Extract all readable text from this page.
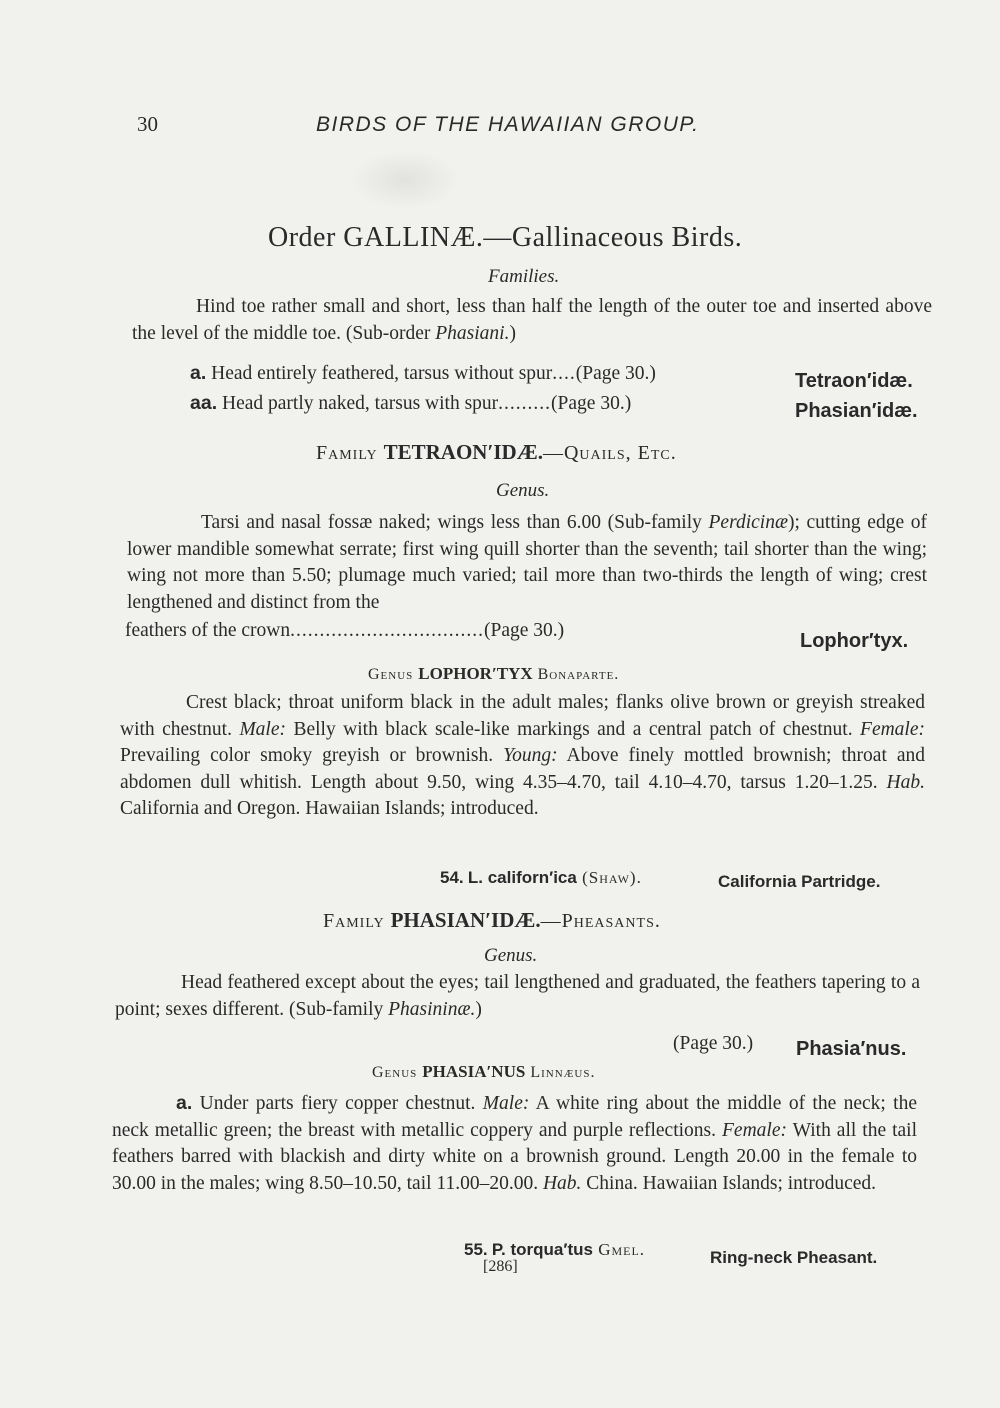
30	BIRDS OF THE HAWAIIAN GROUP.
Order GALLINÆ.—Gallinaceous Birds.
Families.
Hind toe rather small and short, less than half the length of the outer toe and inserted above the level of the middle toe. (Sub-order Phasiani.)
a. Head entirely feathered, tarsus without spur....(Page 30.)	Tetraon′idæ.
aa. Head partly naked, tarsus with spur.........(Page 30.)	Phasian′idæ.
Family TETRAON′IDÆ.—Quails, Etc.
Genus.
Tarsi and nasal fossæ naked; wings less than 6.00 (Sub-family Perdicinæ); cutting edge of lower mandible somewhat serrate; first wing quill shorter than the seventh; tail shorter than the wing; wing not more than 5.50; plumage much varied; tail more than two-thirds the length of wing; crest lengthened and distinct from the
feathers of the crown.................................(Page 30.)	Lophor′tyx.
Genus LOPHOR′TYX Bonaparte.
Crest black; throat uniform black in the adult males; flanks olive brown or greyish streaked with chestnut. Male: Belly with black scale-like markings and a central patch of chestnut. Female: Prevailing color smoky greyish or brownish. Young: Above finely mottled brownish; throat and abdomen dull whitish. Length about 9.50, wing 4.35–4.70, tail 4.10–4.70, tarsus 1.20–1.25. Hab. California and Oregon. Hawaiian Islands; introduced.
54. L. californ′ica (Shaw).	California Partridge.
Family PHASIAN′IDÆ.—Pheasants.
Genus.
Head feathered except about the eyes; tail lengthened and graduated, the feathers tapering to a point; sexes different. (Sub-family Phasininæ.)
(Page 30.) Phasia′nus.
Genus PHASIA′NUS Linnæus.
a. Under parts fiery copper chestnut. Male: A white ring about the middle of the neck; the neck metallic green; the breast with metallic coppery and purple reflections. Female: With all the tail feathers barred with blackish and dirty white on a brownish ground. Length 20.00 in the female to 30.00 in the males; wing 8.50–10.50, tail 11.00–20.00. Hab. China. Hawaiian Islands; introduced.
55. P. torqua′tus Gmel.	Ring-neck Pheasant.
[286]
